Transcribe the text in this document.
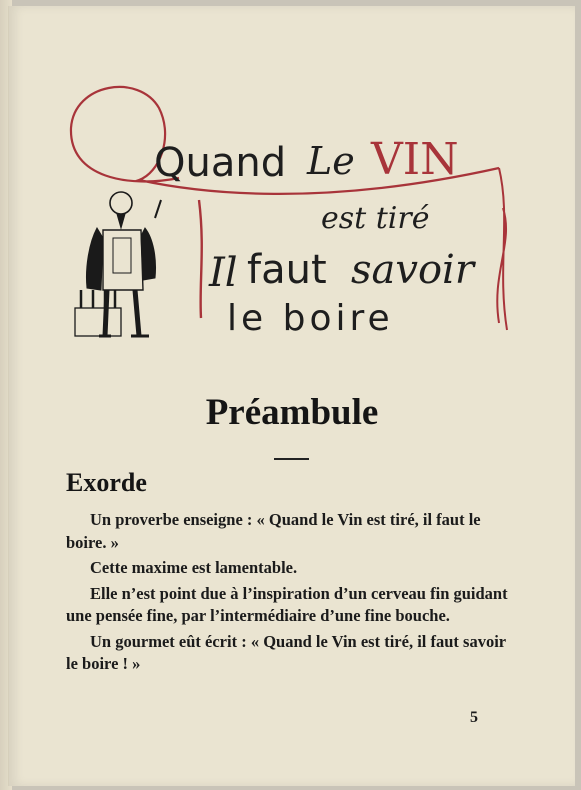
Quand Le VIN
est tiré
Il faut savoir
le boire
Préambule
Exorde

Un proverbe enseigne : « Quand le Vin est tiré, il faut le boire. »

Cette maxime est lamentable.

Elle n’est point due à l’inspiration d’un cerveau fin guidant une pensée fine, par l’intermédiaire d’une fine bouche.

Un gourmet eût écrit : « Quand le Vin est tiré, il faut savoir le boire ! »

5
